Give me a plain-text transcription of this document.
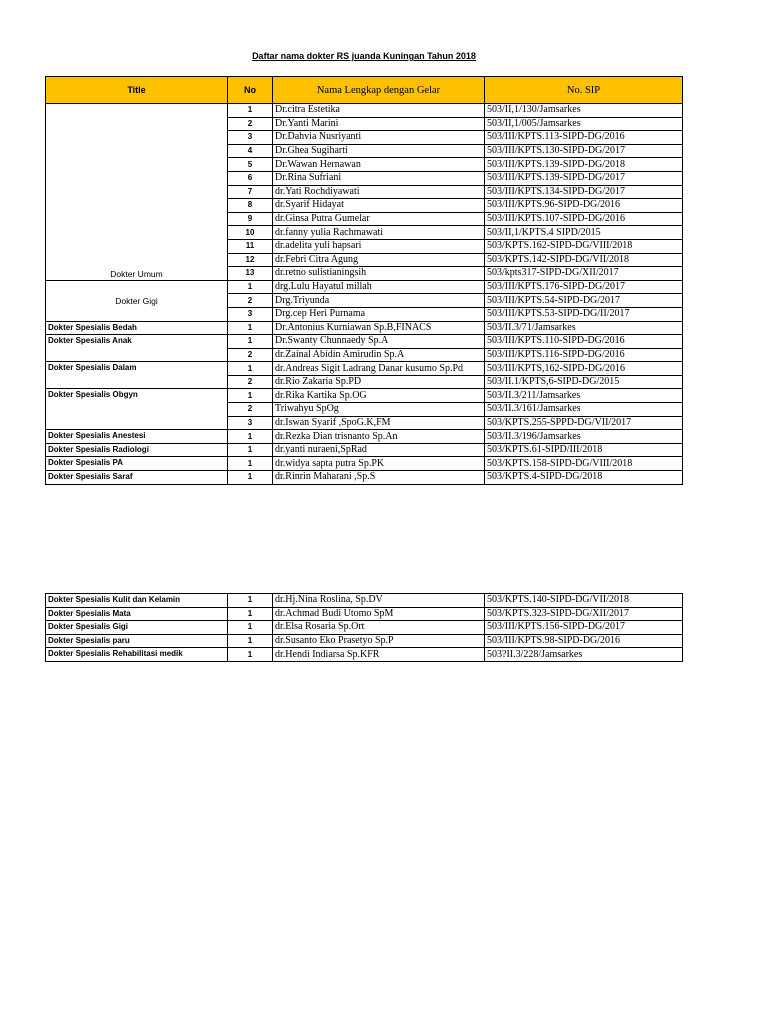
Daftar nama dokter RS juanda Kuningan Tahun 2018
Title	No	Nama Lengkap dengan Gelar	No. SIP
Dokter Umum	1	Dr.citra Estetika	503/II,1/130/Jamsarkes
	2	Dr.Yanti Marini	503/II,1/005/Jamsarkes
	3	Dr.Dahvia Nusriyanti	503/III/KPTS.113-SIPD-DG/2016
	4	Dr.Ghea Sugiharti	503/III/KPTS.130-SIPD-DG/2017
	5	Dr.Wawan Hernawan	503/III/KPTS.139-SIPD-DG/2018
	6	Dr.Rina Sufriani	503/III/KPTS.139-SIPD-DG/2017
	7	dr.Yati Rochdiyawati	503/III/KPTS.134-SIPD-DG/2017
	8	dr.Syarif Hidayat	503/III/KPTS.96-SIPD-DG/2016
	9	dr.Ginsa Putra Gumelar	503/III/KPTS.107-SIPD-DG/2016
	10	dr.fanny yulia Rachmawati	503/II,1/KPTS.4 SIPD/2015
	11	dr.adelita yuli hapsari	503/KPTS.162-SIPD-DG/VIII/2018
	12	dr.Febri Citra Agung	503/KPTS.142-SIPD-DG/VII/2018
	13	dr.retno sulistianingsih	503/kpts317-SIPD-DG/XII/2017
Dokter Gigi	1	drg.Lulu Hayatul millah	503/III/KPTS.176-SIPD-DG/2017
	2	Drg.Triyunda	503/III/KPTS.54-SIPD-DG/2017
	3	Drg.cep Heri Purnama	503/III/KPTS.53-SIPD-DG/II/2017
Dokter Spesialis Bedah	1	Dr.Antonius Kurniawan Sp.B,FINACS	503/II.3/71/Jamsarkes
Dokter Spesialis Anak	1	Dr.Swanty Chunnaedy Sp.A	503/III/KPTS.110-SIPD-DG/2016
	2	dr.Zainal Abidin Amirudin Sp.A	503/III/KPTS.116-SIPD-DG/2016
Dokter Spesialis Dalam	1	dr.Andreas Sigit Ladrang Danar kusumo Sp.Pd	503/III/KPTS,162-SIPD-DG/2016
	2	dr.Rio Zakaria Sp.PD	503/II.1/KPTS,6-SIPD-DG/2015
Dokter Spesialis Obgyn	1	dr.Rika Kartika Sp.OG	503/II.3/211/Jamsarkes
	2	Triwahyu SpOg	503/II.3/161/Jamsarkes
	3	dr.Iswan Syarif ,SpoG.K,FM	503/KPTS.255-SPPD-DG/VII/2017
Dokter Spesialis Anestesi	1	dr.Rezka Dian trisnanto Sp.An	503/II.3/196/Jamsarkes
Dokter Spesialis Radiologi	1	dr.yanti nuraeni,SpRad	503/KPTS.61-SIPD/III/2018
Dokter Spesialis PA	1	dr.widya sapta putra Sp.PK	503/KPTS.158-SIPD-DG/VIII/2018
Dokter Spesialis Saraf	1	dr.Rinrin Maharani ,Sp.S	503/KPTS.4-SIPD-DG/2018
Dokter Spesialis Kulit dan Kelamin	1	dr.Hj.Nina Roslina, Sp.DV	503/KPTS.140-SIPD-DG/VII/2018
Dokter Spesialis Mata	1	dr.Achmad Budi Utomo SpM	503/KPTS.323-SIPD-DG/XII/2017
Dokter Spesialis Gigi	1	dr.Elsa Rosaria Sp.Ort	503/III/KPTS.156-SIPD-DG/2017
Dokter Spesialis paru	1	dr.Susanto Eko Prasetyo Sp.P	503/III/KPTS.98-SIPD-DG/2016
Dokter Spesialis Rehabilitasi medik	1	dr.Hendi Indiarsa Sp.KFR	503?II.3/228/Jamsarkes
